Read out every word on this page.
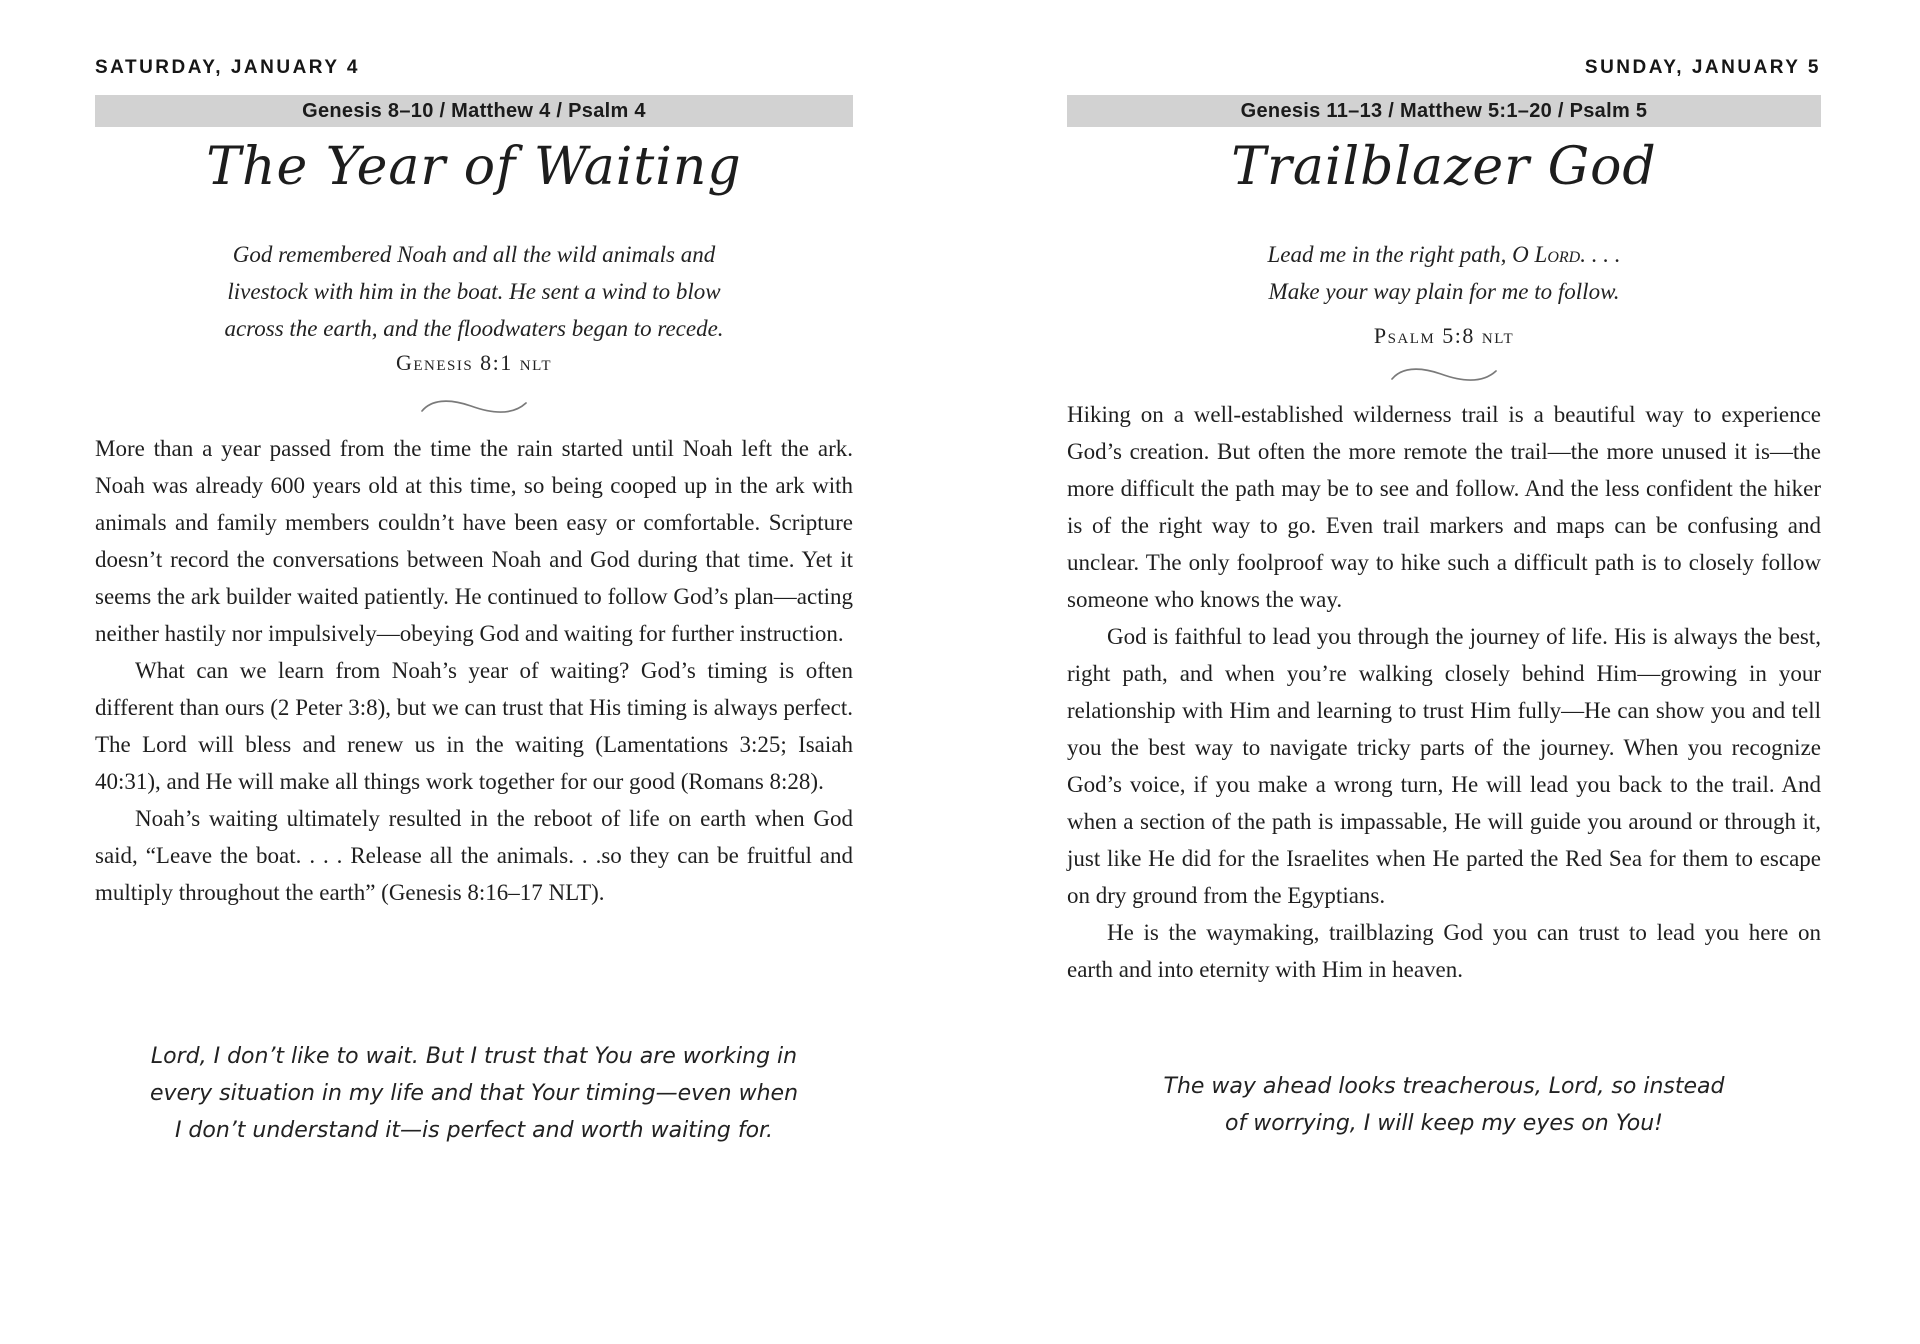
SATURDAY, JANUARY 4
Genesis 8–10 / Matthew 4 / Psalm 4
The Year of Waiting
God remembered Noah and all the wild animals and
livestock with him in the boat. He sent a wind to blow
across the earth, and the floodwaters began to recede.
Genesis 8:1 nlt

More than a year passed from the time the rain started until Noah left the ark. Noah was already 600 years old at this time, so being cooped up in the ark with animals and family members couldn’t have been easy or comfortable. Scripture doesn’t record the conversations between Noah and God during that time. Yet it seems the ark builder waited patiently. He continued to follow God’s plan—acting neither hastily nor impulsively—obeying God and waiting for further instruction.

What can we learn from Noah’s year of waiting? God’s timing is often different than ours (2 Peter 3:8), but we can trust that His timing is always perfect. The Lord will bless and renew us in the waiting (Lamentations 3:25; Isaiah 40:31), and He will make all things work together for our good (Romans 8:28).

Noah’s waiting ultimately resulted in the reboot of life on earth when God said, “Leave the boat. . . . Release all the animals. . .so they can be fruitful and multiply throughout the earth” (Genesis 8:16–17 NLT).

Lord, I don’t like to wait. But I trust that You are working in
every situation in my life and that Your timing—even when
I don’t understand it—is perfect and worth waiting for.
SUNDAY, JANUARY 5
Genesis 11–13 / Matthew 5:1–20 / Psalm 5
Trailblazer God
Lead me in the right path, O Lord. . . .
Make your way plain for me to follow.
Psalm 5:8 nlt

Hiking on a well-established wilderness trail is a beautiful way to experience God’s creation. But often the more remote the trail—the more unused it is—the more difficult the path may be to see and follow. And the less confident the hiker is of the right way to go. Even trail markers and maps can be confusing and unclear. The only foolproof way to hike such a difficult path is to closely follow someone who knows the way.

God is faithful to lead you through the journey of life. His is always the best, right path, and when you’re walking closely behind Him—growing in your relationship with Him and learning to trust Him fully—He can show you and tell you the best way to navigate tricky parts of the journey. When you recognize God’s voice, if you make a wrong turn, He will lead you back to the trail. And when a section of the path is impassable, He will guide you around or through it, just like He did for the Israelites when He parted the Red Sea for them to escape on dry ground from the Egyptians.

He is the waymaking, trailblazing God you can trust to lead you here on earth and into eternity with Him in heaven.

The way ahead looks treacherous, Lord, so instead
of worrying, I will keep my eyes on You!
